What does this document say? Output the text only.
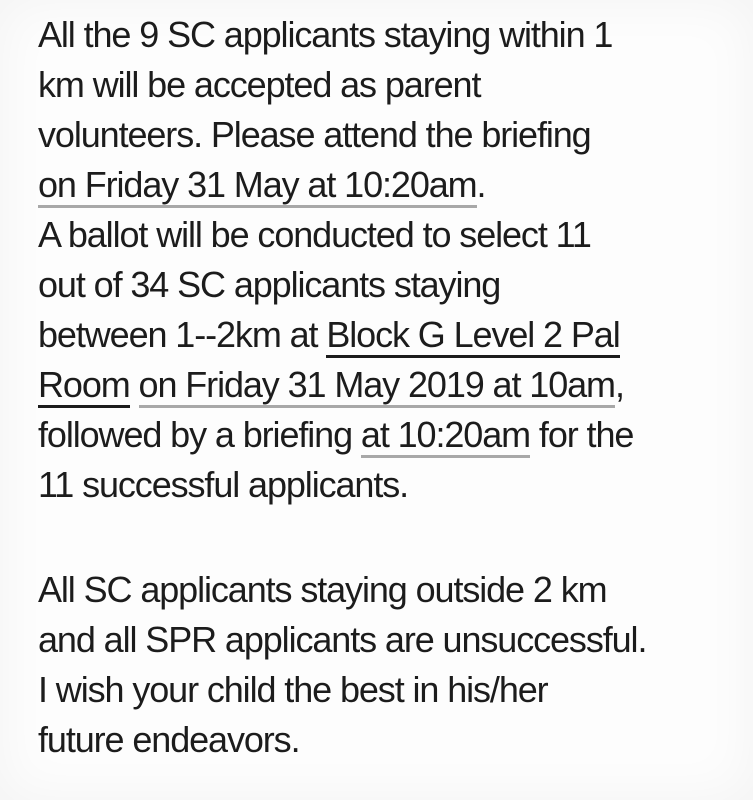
All the 9 SC applicants staying within 1
km will be accepted as parent
volunteers. Please attend the briefing
on Friday 31 May at 10:20am.
A ballot will be conducted to select 11
out of 34 SC applicants staying
between 1--2km at Block G Level 2 Pal
Room on Friday 31 May 2019 at 10am,
followed by a briefing at 10:20am for the
11 successful applicants.
All SC applicants staying outside 2 km
and all SPR applicants are unsuccessful.
I wish your child the best in his/her
future endeavors.
